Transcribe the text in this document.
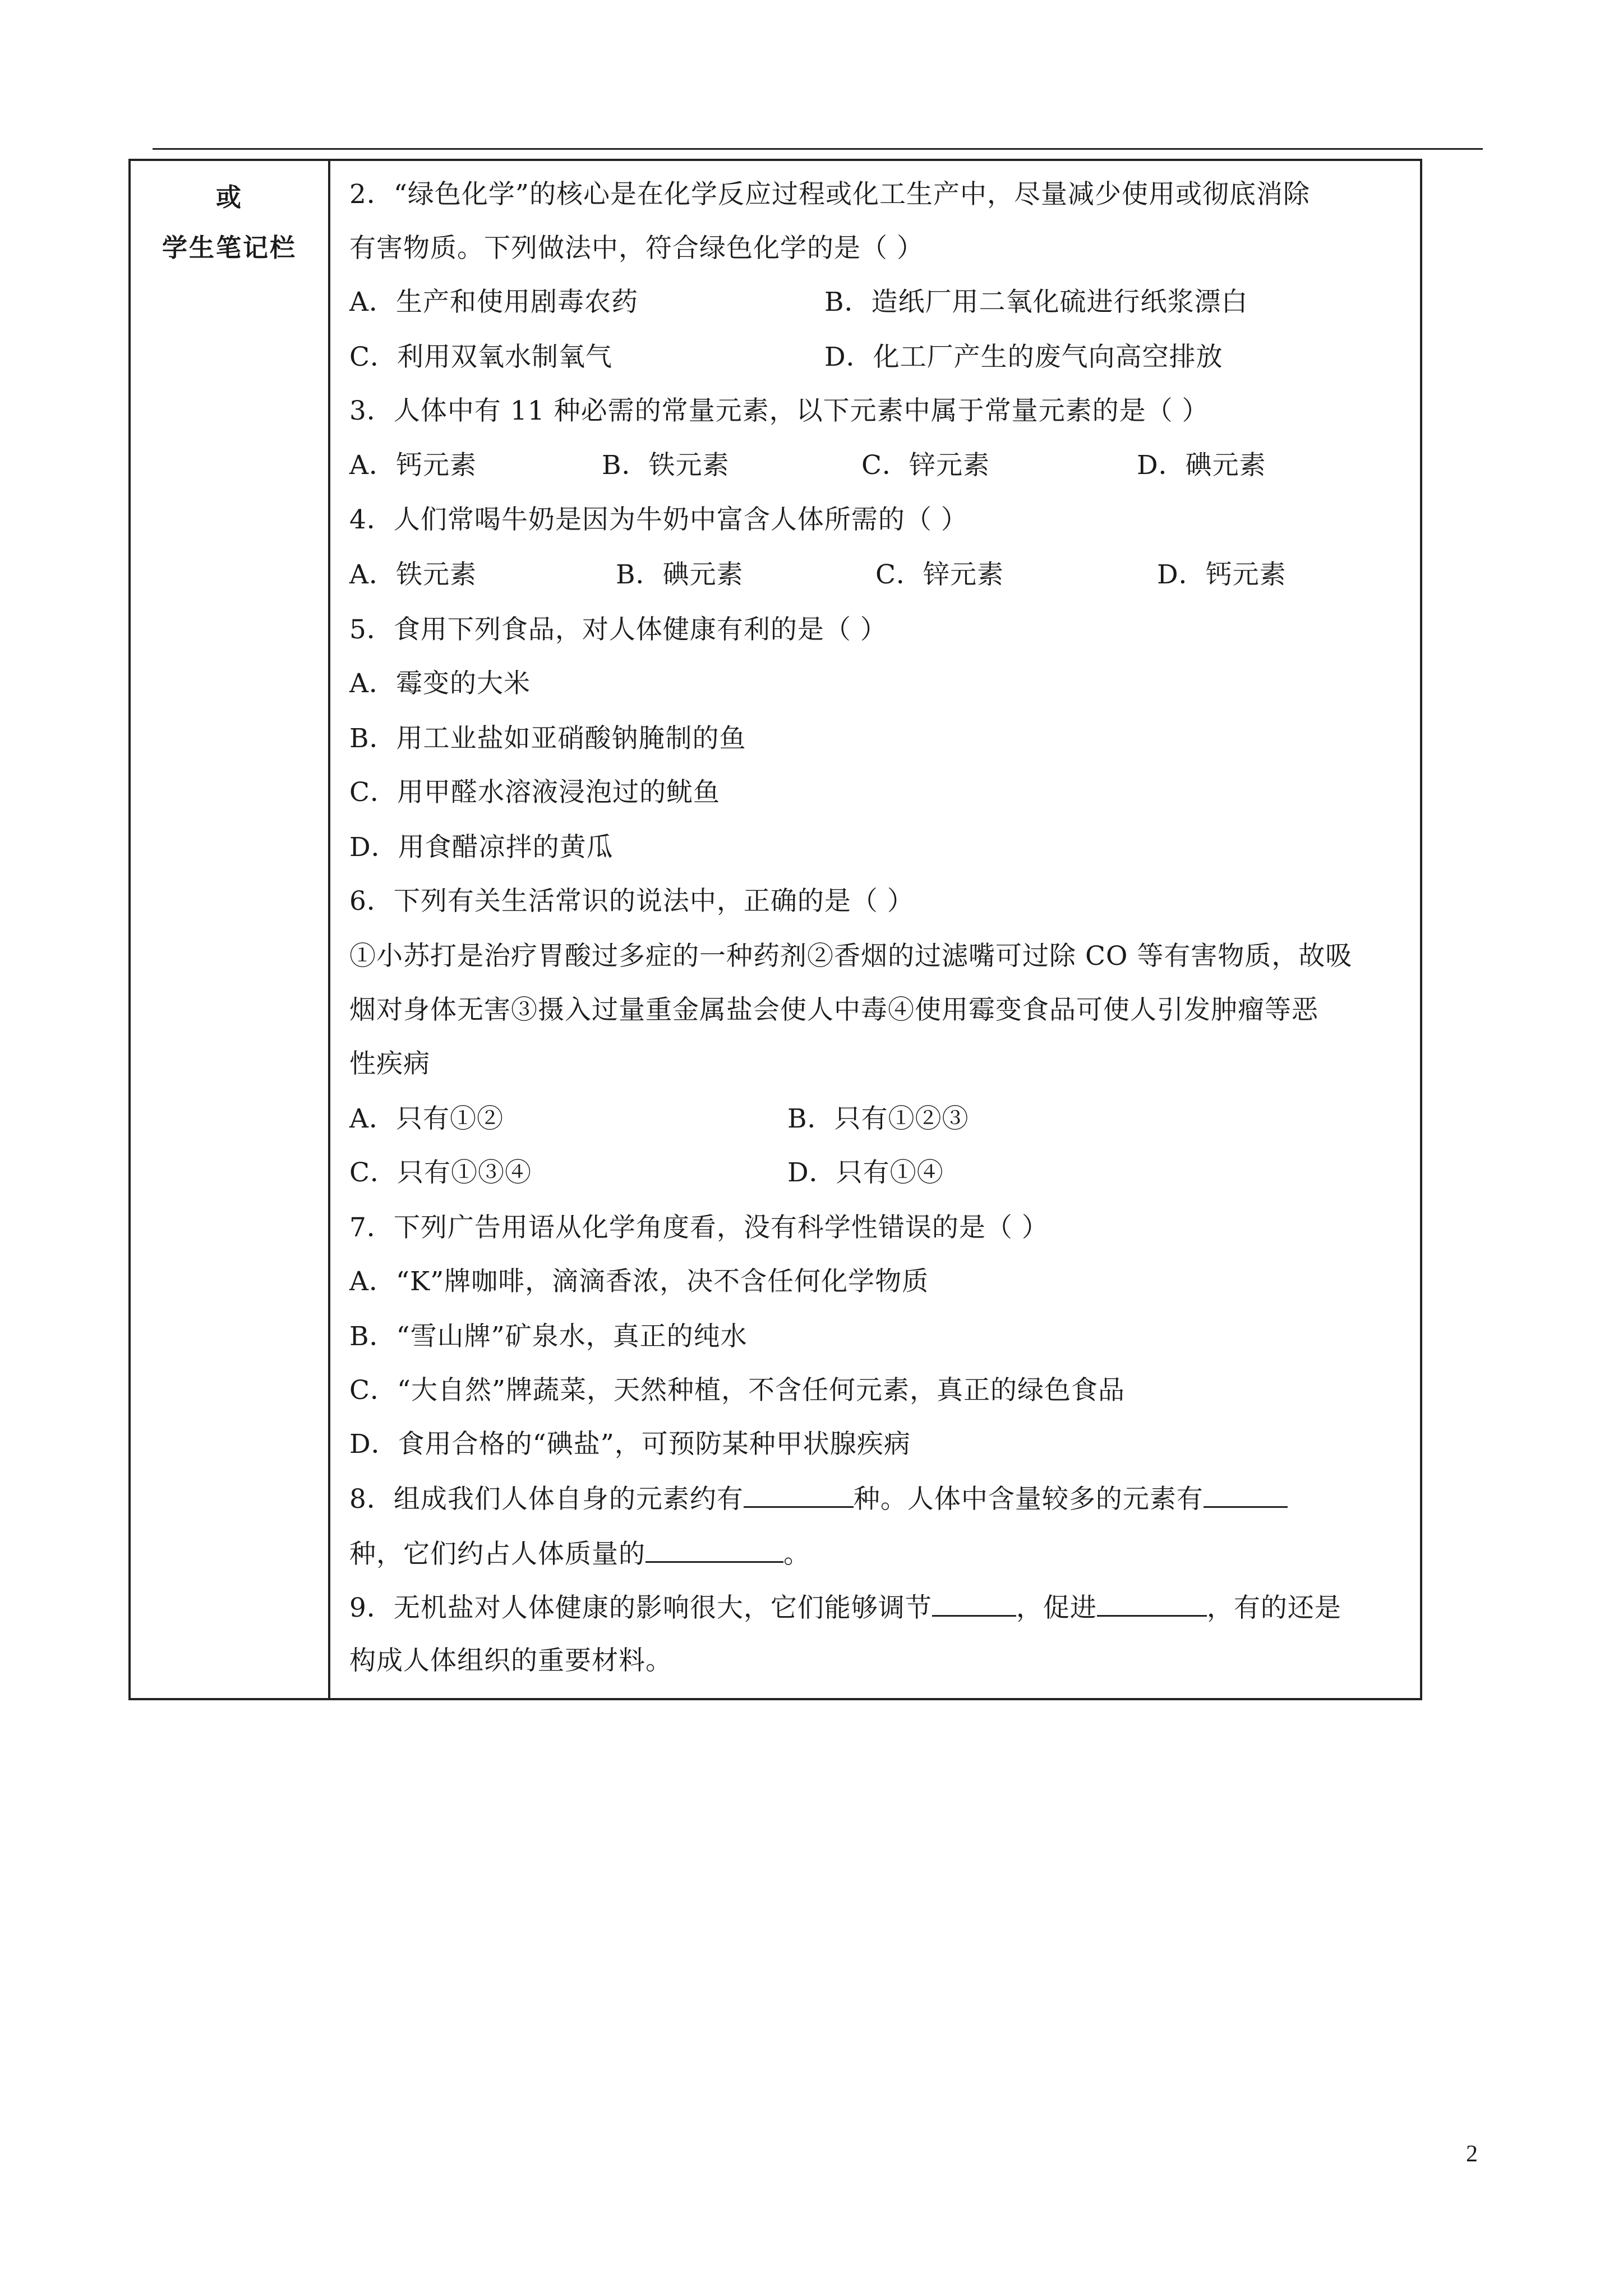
或
学生笔记栏
2．“绿色化学”的核心是在化学反应过程或化工生产中，尽量减少使用或彻底消除
有害物质。下列做法中，符合绿色化学的是（ ）
A．生产和使用剧毒农药	B．造纸厂用二氧化硫进行纸浆漂白
C．利用双氧水制氧气	D．化工厂产生的废气向高空排放
3．人体中有 11 种必需的常量元素，以下元素中属于常量元素的是（ ）
A．钙元素	B．铁元素	C．锌元素	D．碘元素
4．人们常喝牛奶是因为牛奶中富含人体所需的（ ）
A．铁元素	B．碘元素	C．锌元素	D．钙元素
5．食用下列食品，对人体健康有利的是（ ）
A．霉变的大米
B．用工业盐如亚硝酸钠腌制的鱼
C．用甲醛水溶液浸泡过的鱿鱼
D．用食醋凉拌的黄瓜
6．下列有关生活常识的说法中，正确的是（ ）
①小苏打是治疗胃酸过多症的一种药剂②香烟的过滤嘴可过除 CO 等有害物质，故吸
烟对身体无害③摄入过量重金属盐会使人中毒④使用霉变食品可使人引发肿瘤等恶
性疾病
A．只有①②	B．只有①②③
C．只有①③④	D．只有①④
7．下列广告用语从化学角度看，没有科学性错误的是（ ）
A．“K”牌咖啡，滴滴香浓，决不含任何化学物质
B．“雪山牌”矿泉水，真正的纯水
C．“大自然”牌蔬菜，天然种植，不含任何元素，真正的绿色食品
D．食用合格的“碘盐”，可预防某种甲状腺疾病
8．组成我们人体自身的元素约有	种。人体中含量较多的元素有
种，它们约占人体质量的	。
9．无机盐对人体健康的影响很大，它们能够调节	，促进	，有的还是
构成人体组织的重要材料。
2
